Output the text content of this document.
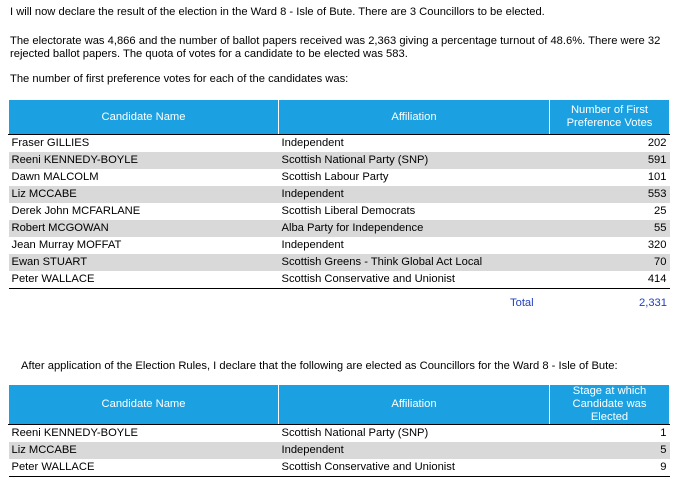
I will now declare the result of the election in the Ward 8 - Isle of Bute. There are 3 Councillors to be elected.

The electorate was 4,866 and the number of ballot papers received was 2,363 giving a percentage turnout of 48.6%. There were 32 rejected ballot papers. The quota of votes for a candidate to be elected was 583.

The number of first preference votes for each of the candidates was:

Candidate Name	Affiliation	Number of First Preference Votes
Fraser GILLIES	Independent	202
Reeni KENNEDY-BOYLE	Scottish National Party (SNP)	591
Dawn MALCOLM	Scottish Labour Party	101
Liz MCCABE	Independent	553
Derek John MCFARLANE	Scottish Liberal Democrats	25
Robert MCGOWAN	Alba Party for Independence	55
Jean Murray MOFFAT	Independent	320
Ewan STUART	Scottish Greens - Think Global Act Local	70
Peter WALLACE	Scottish Conservative and Unionist	414
Total	2,331

After application of the Election Rules, I declare that the following are elected as Councillors for the Ward 8 - Isle of Bute:

Candidate Name	Affiliation	Stage at which Candidate was Elected
Reeni KENNEDY-BOYLE	Scottish National Party (SNP)	1
Liz MCCABE	Independent	5
Peter WALLACE	Scottish Conservative and Unionist	9
